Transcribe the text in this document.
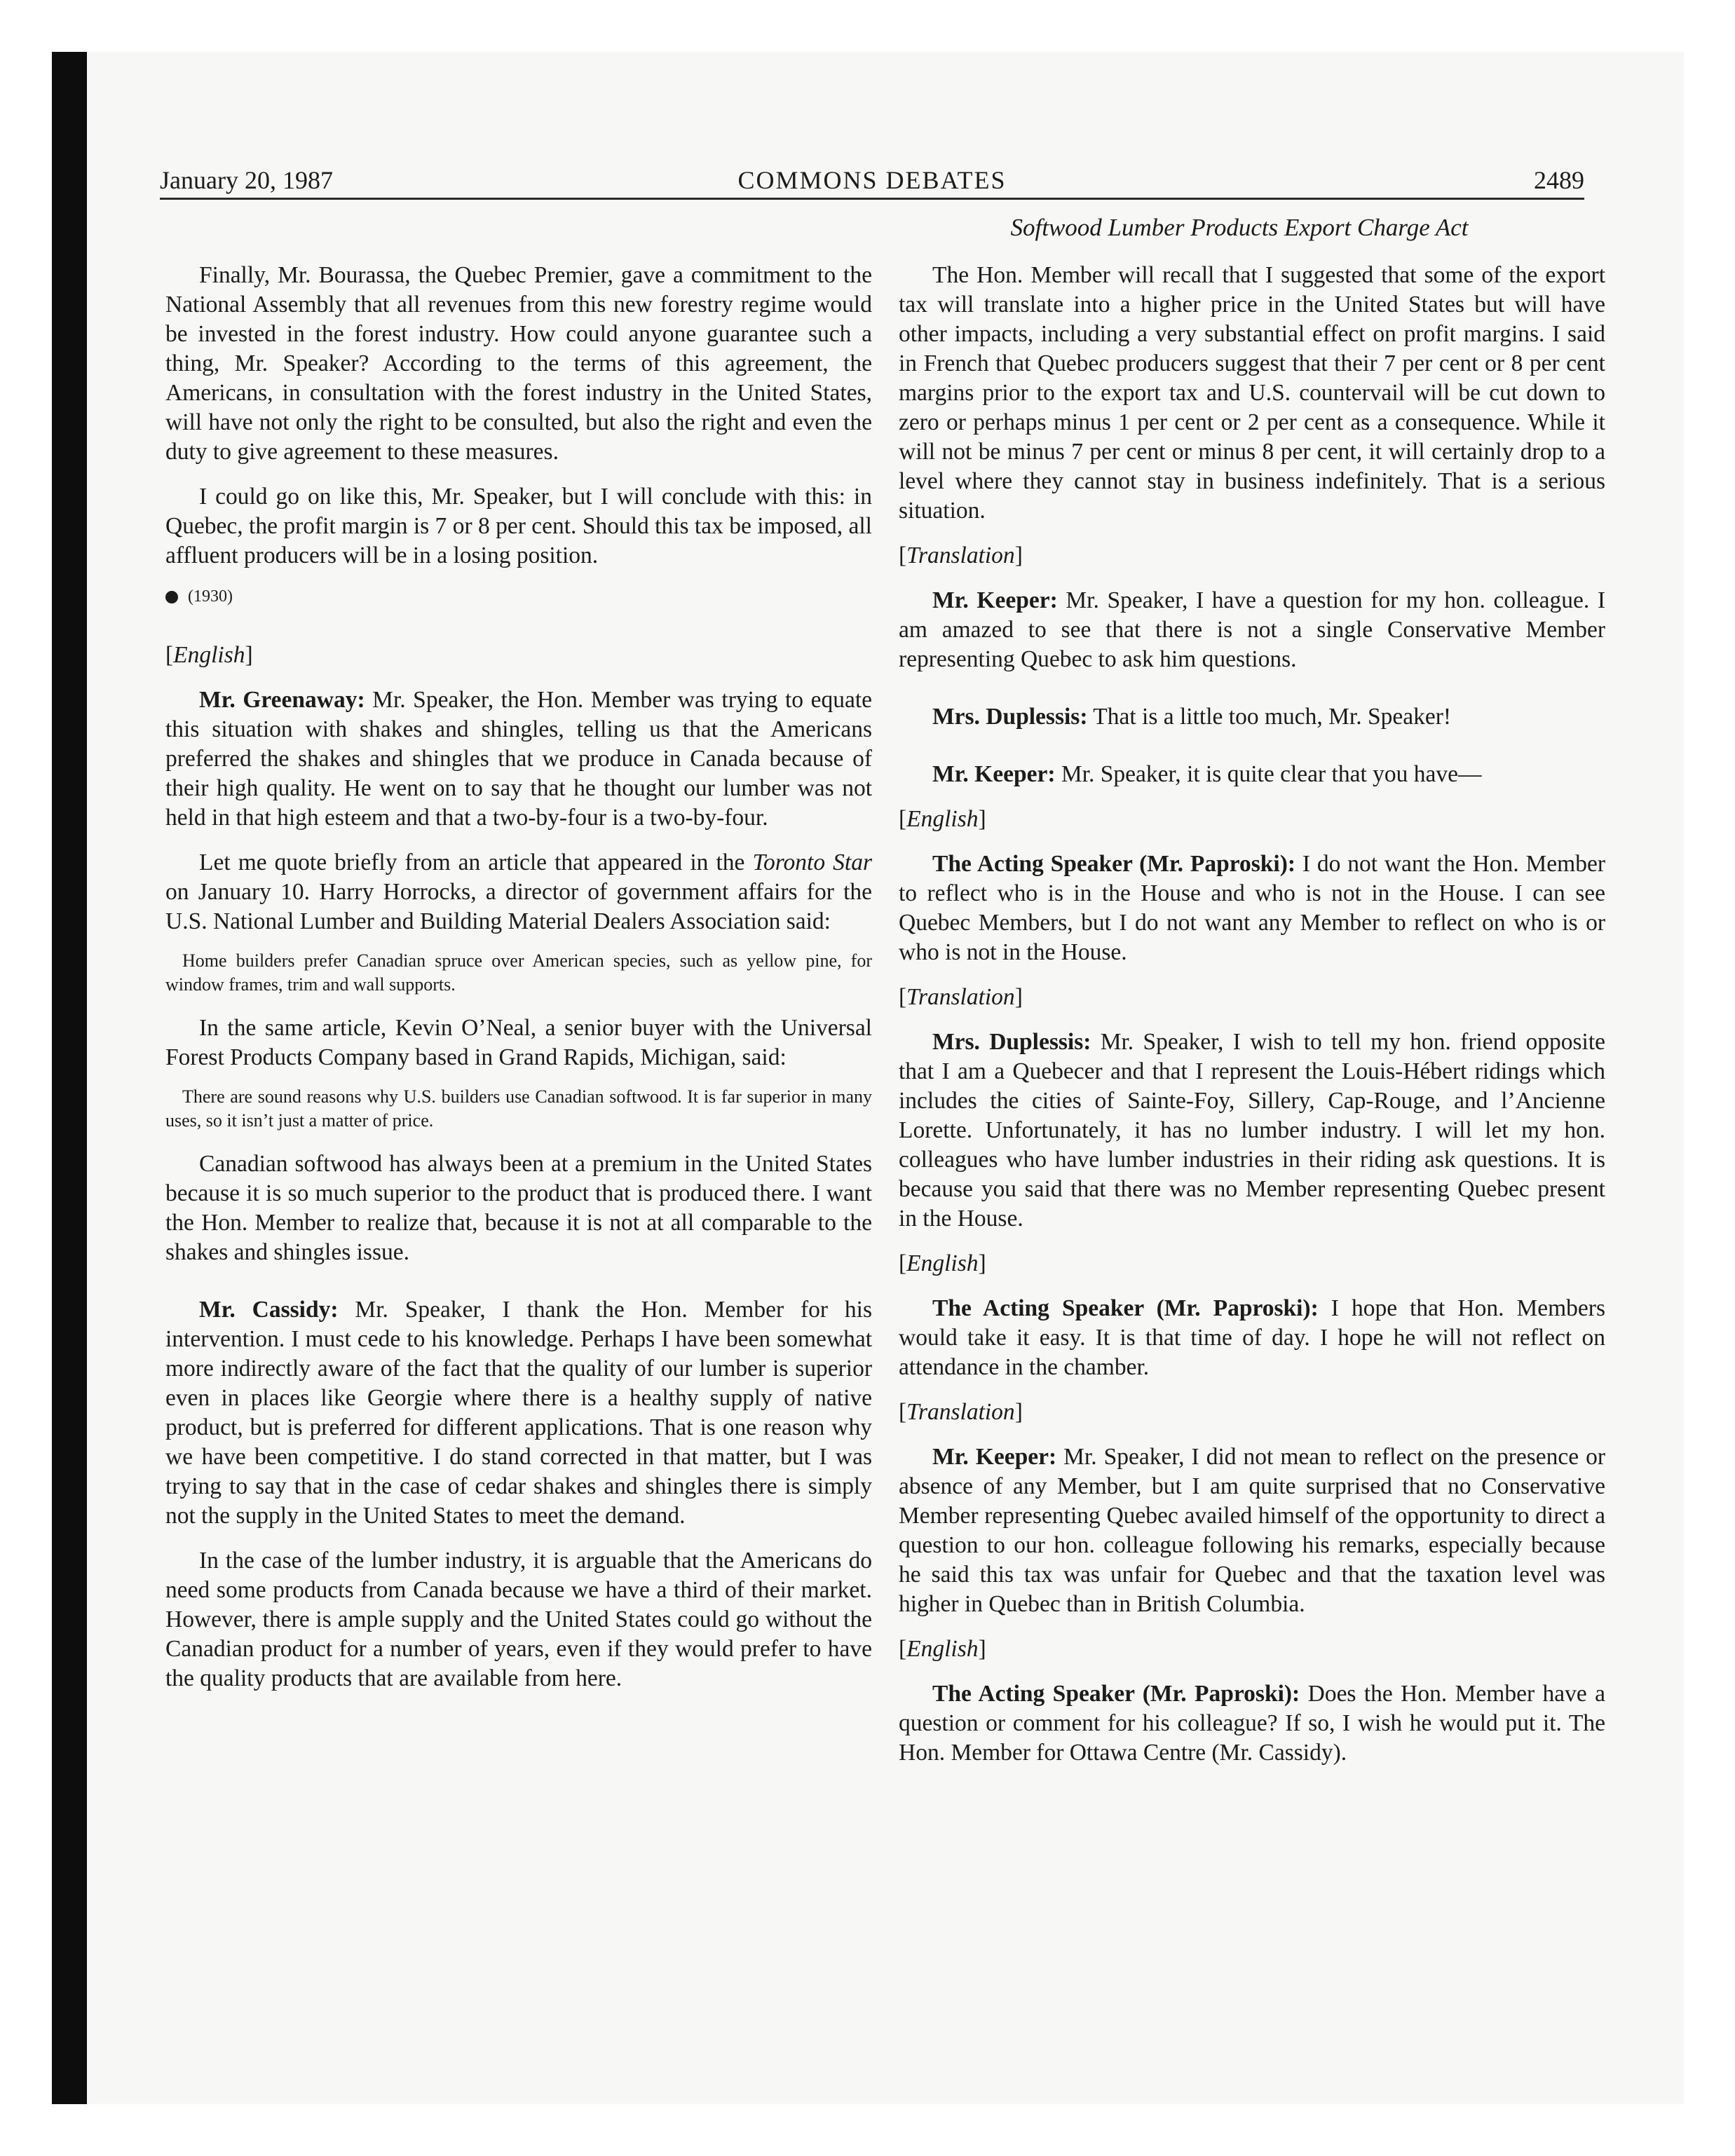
January 20, 1987	COMMONS DEBATES	2489
Softwood Lumber Products Export Charge Act

Finally, Mr. Bourassa, the Quebec Premier, gave a commitment to the National Assembly that all revenues from this new forestry regime would be invested in the forest industry. How could anyone guarantee such a thing, Mr. Speaker? According to the terms of this agreement, the Americans, in consultation with the forest industry in the United States, will have not only the right to be consulted, but also the right and even the duty to give agreement to these measures.

I could go on like this, Mr. Speaker, but I will conclude with this: in Quebec, the profit margin is 7 or 8 per cent. Should this tax be imposed, all affluent producers will be in a losing position.

(1930)

[English]

Mr. Greenaway: Mr. Speaker, the Hon. Member was trying to equate this situation with shakes and shingles, telling us that the Americans preferred the shakes and shingles that we produce in Canada because of their high quality. He went on to say that he thought our lumber was not held in that high esteem and that a two-by-four is a two-by-four.

Let me quote briefly from an article that appeared in the Toronto Star on January 10. Harry Horrocks, a director of government affairs for the U.S. National Lumber and Building Material Dealers Association said:

Home builders prefer Canadian spruce over American species, such as yellow pine, for window frames, trim and wall supports.

In the same article, Kevin O’Neal, a senior buyer with the Universal Forest Products Company based in Grand Rapids, Michigan, said:

There are sound reasons why U.S. builders use Canadian softwood. It is far superior in many uses, so it isn’t just a matter of price.

Canadian softwood has always been at a premium in the United States because it is so much superior to the product that is produced there. I want the Hon. Member to realize that, because it is not at all comparable to the shakes and shingles issue.

Mr. Cassidy: Mr. Speaker, I thank the Hon. Member for his intervention. I must cede to his knowledge. Perhaps I have been somewhat more indirectly aware of the fact that the quality of our lumber is superior even in places like Georgie where there is a healthy supply of native product, but is preferred for different applications. That is one reason why we have been competitive. I do stand corrected in that matter, but I was trying to say that in the case of cedar shakes and shingles there is simply not the supply in the United States to meet the demand.

In the case of the lumber industry, it is arguable that the Americans do need some products from Canada because we have a third of their market. However, there is ample supply and the United States could go without the Canadian product for a number of years, even if they would prefer to have the quality products that are available from here.

The Hon. Member will recall that I suggested that some of the export tax will translate into a higher price in the United States but will have other impacts, including a very substantial effect on profit margins. I said in French that Quebec producers suggest that their 7 per cent or 8 per cent margins prior to the export tax and U.S. countervail will be cut down to zero or perhaps minus 1 per cent or 2 per cent as a consequence. While it will not be minus 7 per cent or minus 8 per cent, it will certainly drop to a level where they cannot stay in business indefinitely. That is a serious situation.

[Translation]

Mr. Keeper: Mr. Speaker, I have a question for my hon. colleague. I am amazed to see that there is not a single Conservative Member representing Quebec to ask him questions.

Mrs. Duplessis: That is a little too much, Mr. Speaker!

Mr. Keeper: Mr. Speaker, it is quite clear that you have—

[English]

The Acting Speaker (Mr. Paproski): I do not want the Hon. Member to reflect who is in the House and who is not in the House. I can see Quebec Members, but I do not want any Member to reflect on who is or who is not in the House.

[Translation]

Mrs. Duplessis: Mr. Speaker, I wish to tell my hon. friend opposite that I am a Quebecer and that I represent the Louis-Hébert ridings which includes the cities of Sainte-Foy, Sillery, Cap-Rouge, and l’Ancienne Lorette. Unfortunately, it has no lumber industry. I will let my hon. colleagues who have lumber industries in their riding ask questions. It is because you said that there was no Member representing Quebec present in the House.

[English]

The Acting Speaker (Mr. Paproski): I hope that Hon. Members would take it easy. It is that time of day. I hope he will not reflect on attendance in the chamber.

[Translation]

Mr. Keeper: Mr. Speaker, I did not mean to reflect on the presence or absence of any Member, but I am quite surprised that no Conservative Member representing Quebec availed himself of the opportunity to direct a question to our hon. colleague following his remarks, especially because he said this tax was unfair for Quebec and that the taxation level was higher in Quebec than in British Columbia.

[English]

The Acting Speaker (Mr. Paproski): Does the Hon. Member have a question or comment for his colleague? If so, I wish he would put it. The Hon. Member for Ottawa Centre (Mr. Cassidy).
